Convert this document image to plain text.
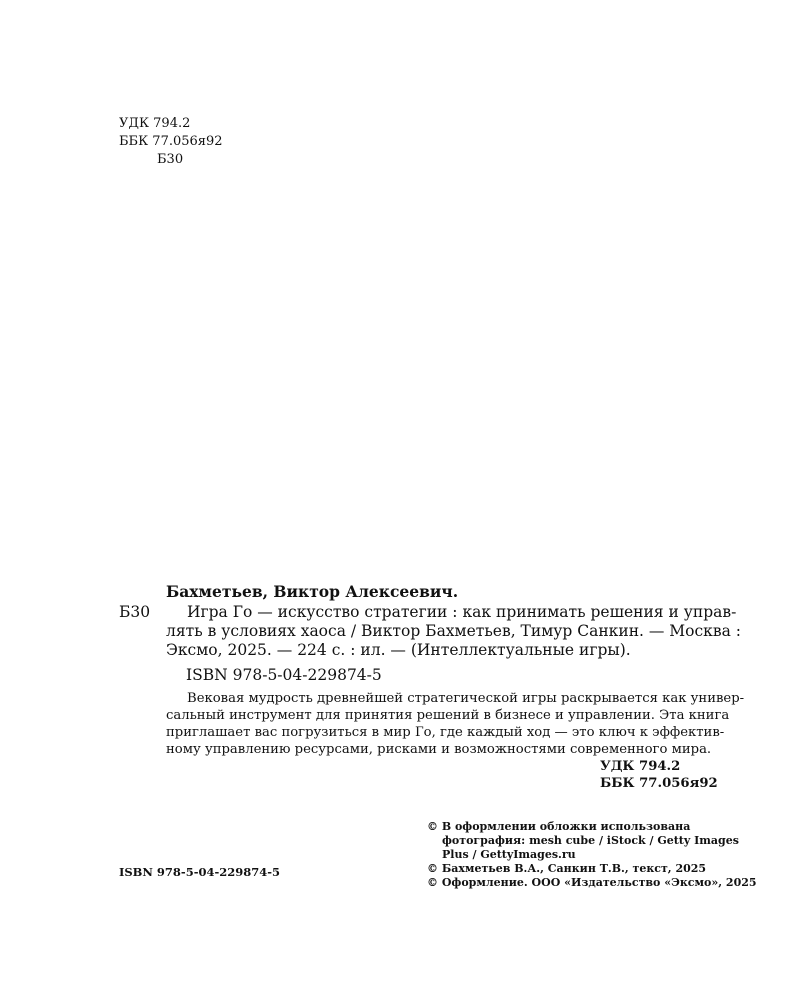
УДК 794.2
ББК 77.056я92
Б30
Бахметьев, Виктор Алексеевич.
Б30	Игра Го — искусство стратегии : как принимать решения и управ-
лять в условиях хаоса / Виктор Бахметьев, Тимур Санкин. — Москва :
Эксмо, 2025. — 224 с. : ил. — (Интеллектуальные игры).
ISBN 978-5-04-229874-5
Вековая мудрость древнейшей стратегической игры раскрывается как универ-
сальный инструмент для принятия решений в бизнесе и управлении. Эта книга
приглашает вас погрузиться в мир Го, где каждый ход — это ключ к эффектив-
ному управлению ресурсами, рисками и возможностями современного мира.
УДК 794.2
ББК 77.056я92
ISBN 978-5-04-229874-5
© В оформлении обложки использована
фотография: mesh cube / iStock / Getty Images
Plus / GettyImages.ru
© Бахметьев В.А., Санкин Т.В., текст, 2025
© Оформление. ООО «Издательство «Эксмо», 2025
